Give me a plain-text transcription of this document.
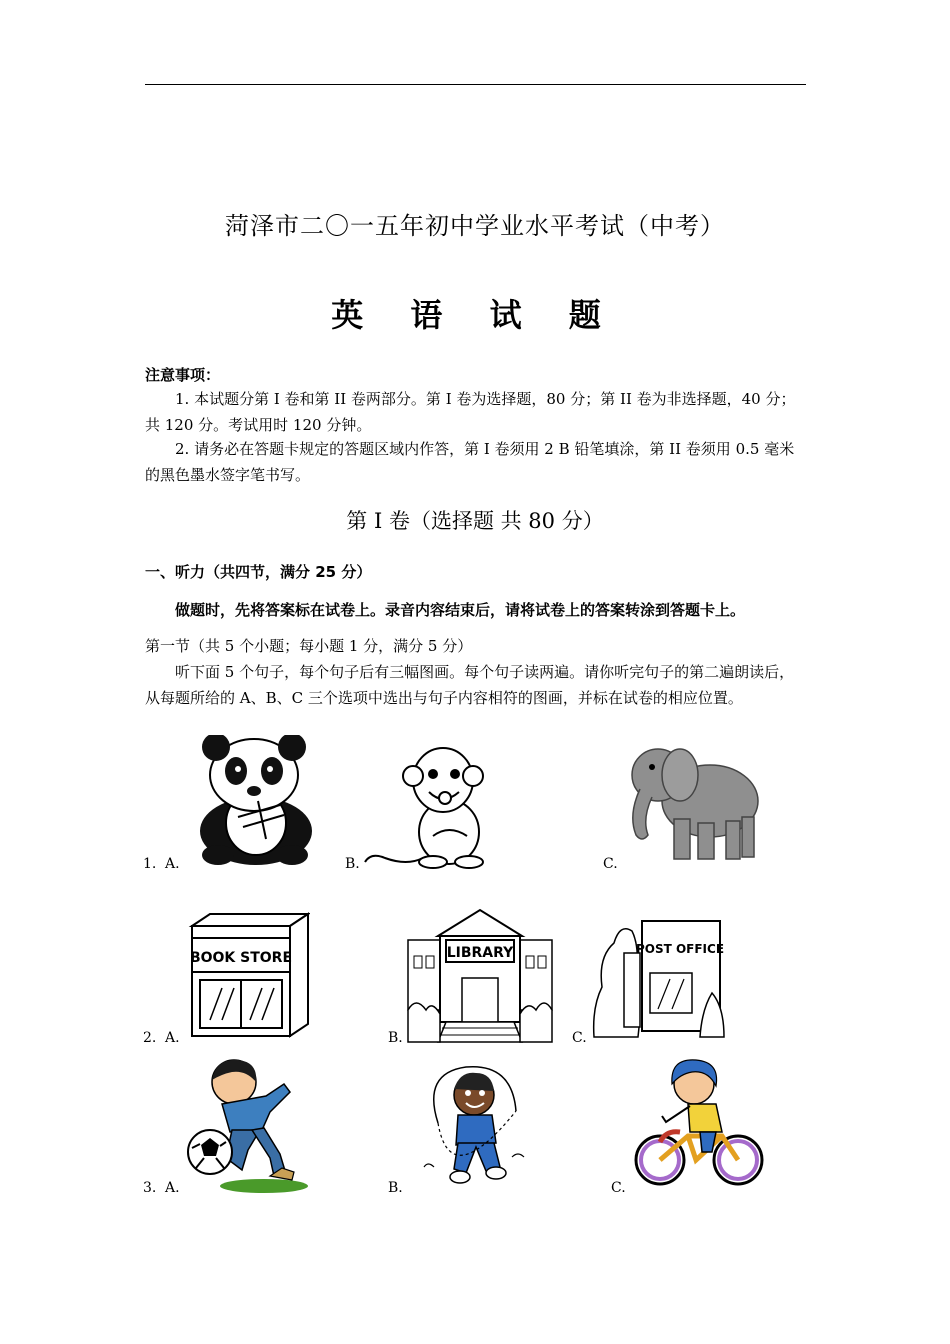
菏泽市二〇一五年初中学业水平考试（中考）
英 语 试 题
注意事项：
1. 本试题分第 I 卷和第 II 卷两部分。第 I 卷为选择题，80 分；第 II 卷为非选择题，40 分；共 120 分。考试用时 120 分钟。
2. 请务必在答题卡规定的答题区域内作答，第 I 卷须用 2 B 铅笔填涂，第 II 卷须用 0.5 毫米的黑色墨水签字笔书写。
第 I 卷（选择题 共 80 分）
一、听力（共四节，满分 25 分）
做题时，先将答案标在试卷上。录音内容结束后，请将试卷上的答案转涂到答题卡上。
第一节（共 5 个小题；每小题 1 分，满分 5 分）
听下面 5 个句子，每个句子后有三幅图画。每个句子读两遍。请你听完句子的第二遍朗读后，从每题所给的 A、B、C 三个选项中选出与句子内容相符的图画，并标在试卷的相应位置。
1. A.	B.	C.
2. A.
BOOK STORE
B.
LIBRARY
C.
POST OFFICE
3. A.	B.	C.
